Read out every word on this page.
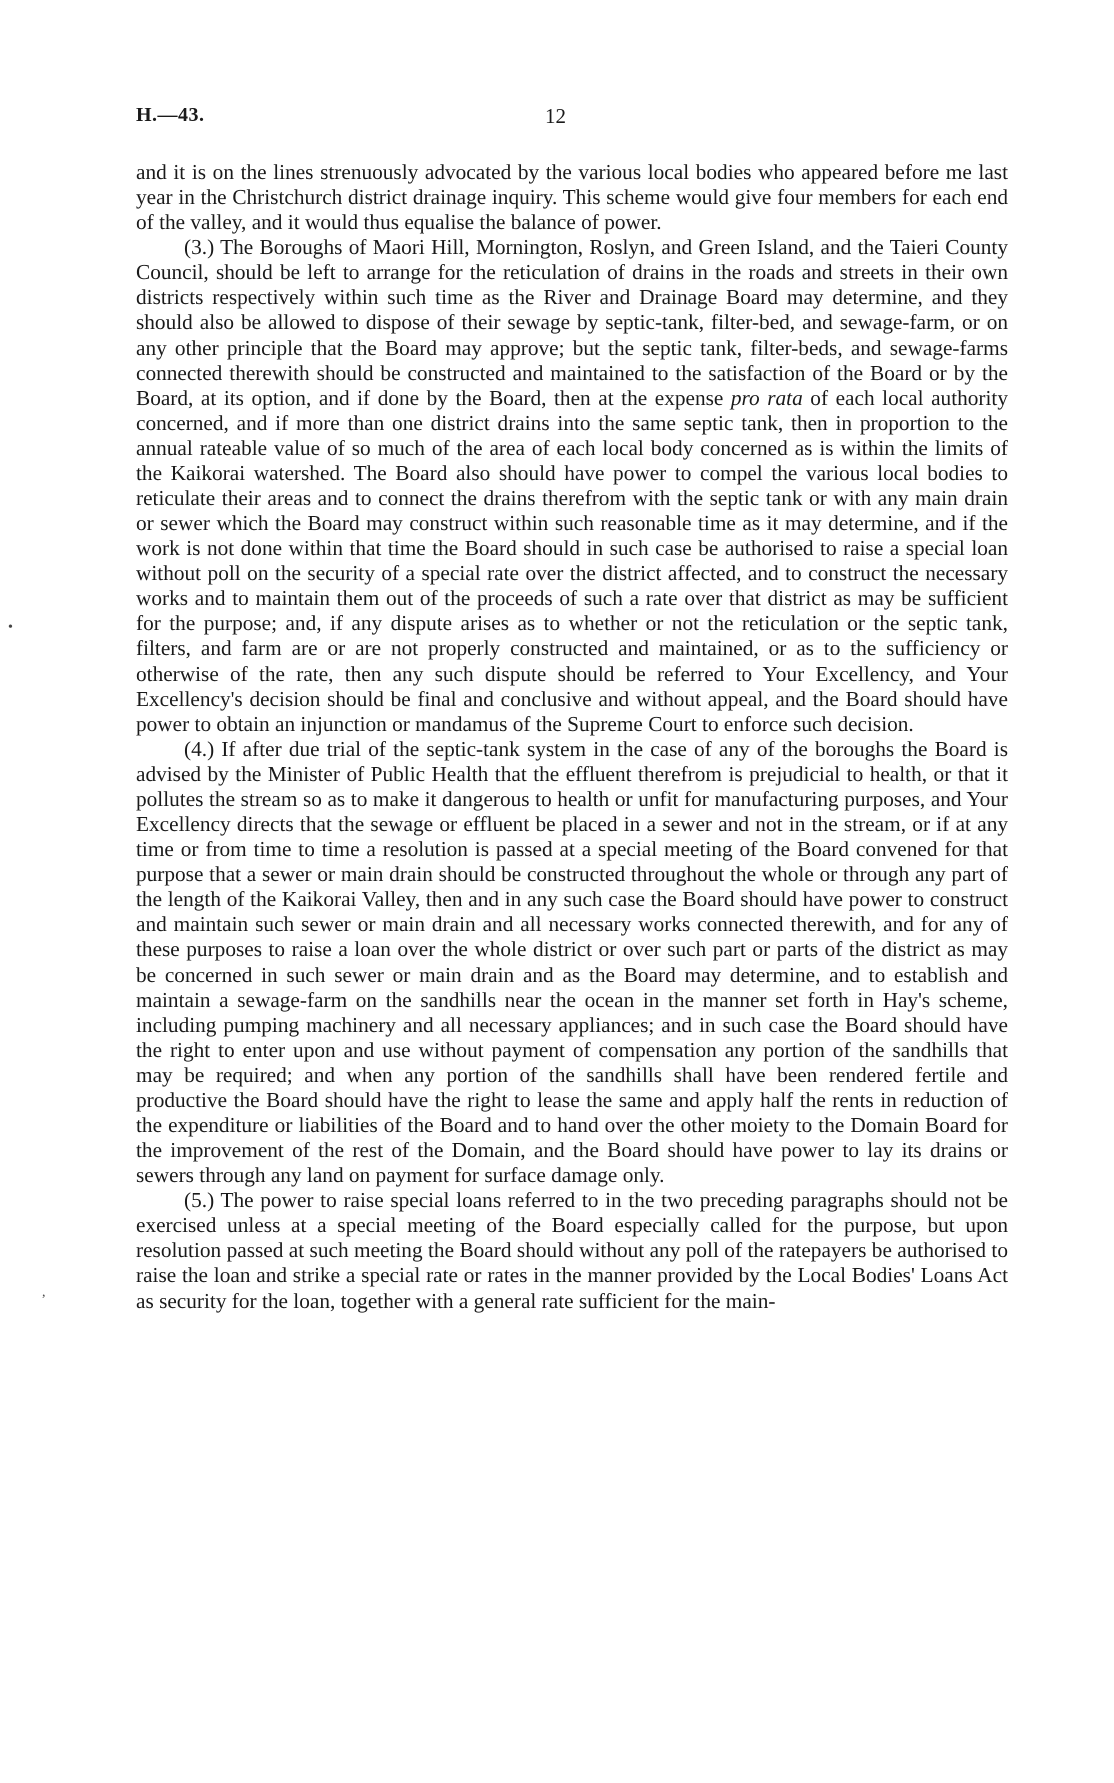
H.—43.	12

and it is on the lines strenuously advocated by the various local bodies who appeared before me last year in the Christchurch district drainage inquiry. This scheme would give four members for each end of the valley, and it would thus equalise the balance of power.

(3.) The Boroughs of Maori Hill, Mornington, Roslyn, and Green Island, and the Taieri County Council, should be left to arrange for the reticulation of drains in the roads and streets in their own districts respectively within such time as the River and Drainage Board may determine, and they should also be allowed to dispose of their sewage by septic-tank, filter-bed, and sewage-farm, or on any other principle that the Board may approve; but the septic tank, filter-beds, and sewage-farms connected therewith should be constructed and maintained to the satisfaction of the Board or by the Board, at its option, and if done by the Board, then at the expense pro rata of each local authority concerned, and if more than one district drains into the same septic tank, then in proportion to the annual rateable value of so much of the area of each local body concerned as is within the limits of the Kaikorai watershed. The Board also should have power to compel the various local bodies to reticulate their areas and to connect the drains therefrom with the septic tank or with any main drain or sewer which the Board may construct within such reasonable time as it may determine, and if the work is not done within that time the Board should in such case be authorised to raise a special loan without poll on the security of a special rate over the district affected, and to construct the necessary works and to maintain them out of the proceeds of such a rate over that district as may be sufficient for the purpose; and, if any dispute arises as to whether or not the reticulation or the septic tank, filters, and farm are or are not properly constructed and maintained, or as to the sufficiency or otherwise of the rate, then any such dispute should be referred to Your Excellency, and Your Excellency's decision should be final and conclusive and without appeal, and the Board should have power to obtain an injunction or mandamus of the Supreme Court to enforce such decision.

(4.) If after due trial of the septic-tank system in the case of any of the boroughs the Board is advised by the Minister of Public Health that the effluent therefrom is prejudicial to health, or that it pollutes the stream so as to make it dangerous to health or unfit for manufacturing purposes, and Your Excellency directs that the sewage or effluent be placed in a sewer and not in the stream, or if at any time or from time to time a resolution is passed at a special meeting of the Board convened for that purpose that a sewer or main drain should be constructed throughout the whole or through any part of the length of the Kaikorai Valley, then and in any such case the Board should have power to construct and maintain such sewer or main drain and all necessary works connected therewith, and for any of these purposes to raise a loan over the whole district or over such part or parts of the district as may be concerned in such sewer or main drain and as the Board may determine, and to establish and maintain a sewage-farm on the sandhills near the ocean in the manner set forth in Hay's scheme, including pumping machinery and all necessary appliances; and in such case the Board should have the right to enter upon and use without payment of compensation any portion of the sandhills that may be required; and when any portion of the sandhills shall have been rendered fertile and productive the Board should have the right to lease the same and apply half the rents in reduction of the expenditure or liabilities of the Board and to hand over the other moiety to the Domain Board for the improvement of the rest of the Domain, and the Board should have power to lay its drains or sewers through any land on payment for surface damage only.

(5.) The power to raise special loans referred to in the two preceding paragraphs should not be exercised unless at a special meeting of the Board especially called for the purpose, but upon resolution passed at such meeting the Board should without any poll of the ratepayers be authorised to raise the loan and strike a special rate or rates in the manner provided by the Local Bodies' Loans Act as security for the loan, together with a general rate sufficient for the main-

•
,
